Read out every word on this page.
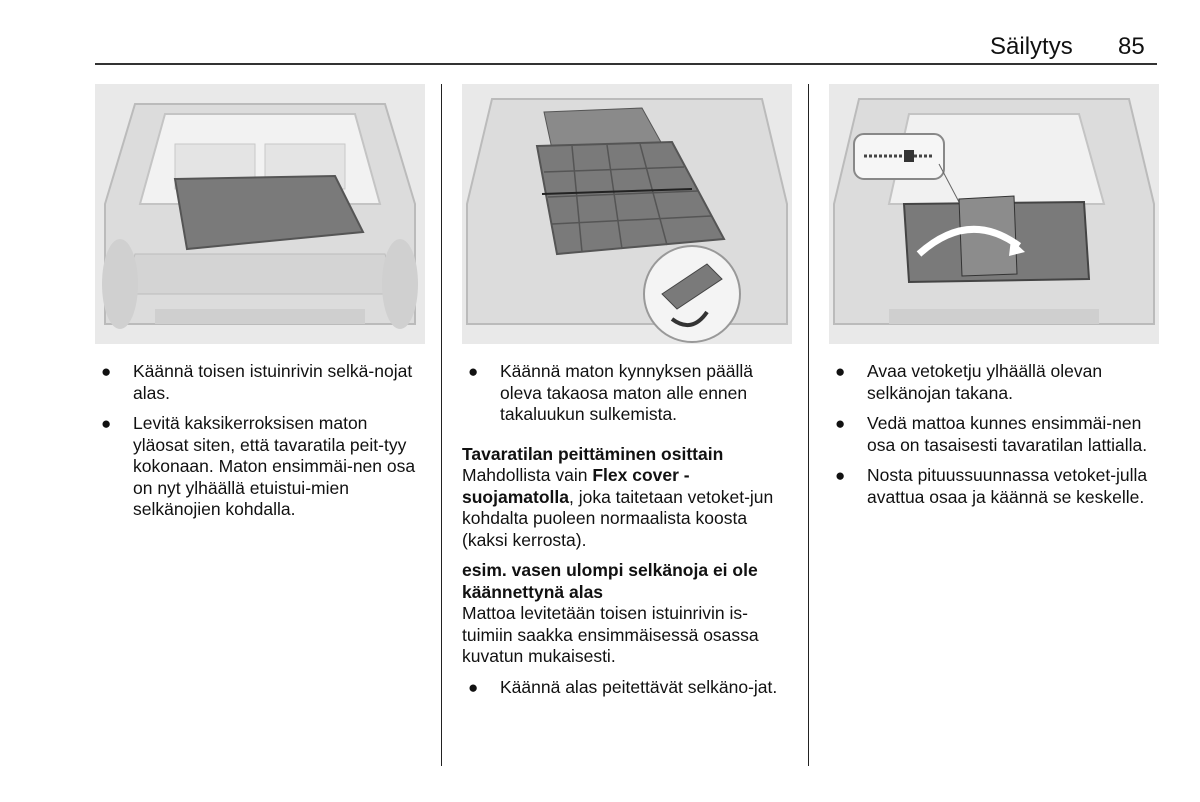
Säilytys 85
● Käännä toisen istuinrivin selkä-nojat alas.
● Levitä kaksikerroksisen maton yläosat siten, että tavaratila peit-tyy kokonaan. Maton ensimmäi-nen osa on nyt ylhäällä etuistui-mien selkänojien kohdalla.
● Käännä maton kynnyksen päällä oleva takaosa maton alle ennen takaluukun sulkemista.
Tavaratilan peittäminen osittain
Mahdollista vain Flex cover -suojamatolla, joka taitetaan vetoket-jun kohdalta puoleen normaalista koosta (kaksi kerrosta).
esim. vasen ulompi selkänoja ei ole käännettynä alas
Mattoa levitetään toisen istuinrivin is-tuimiin saakka ensimmäisessä osassa kuvatun mukaisesti.
● Käännä alas peitettävät selkäno-jat.
● Avaa vetoketju ylhäällä olevan selkänojan takana.
● Vedä mattoa kunnes ensimmäi-nen osa on tasaisesti tavaratilan lattialla.
● Nosta pituussuunnassa vetoket-julla avattua osaa ja käännä se keskelle.
